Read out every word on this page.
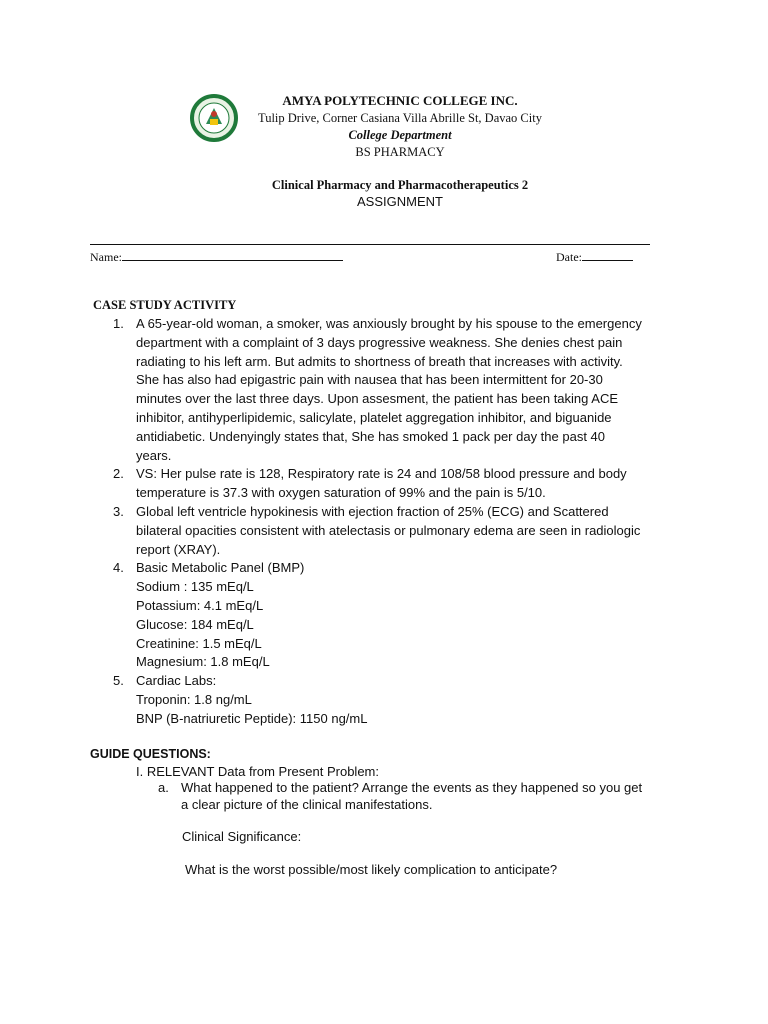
AMYA POLYTECHNIC COLLEGE INC.
Tulip Drive, Corner Casiana Villa Abrille St, Davao City
College Department
BS PHARMACY
Clinical Pharmacy and Pharmacotherapeutics 2
ASSIGNMENT
Name:	Date:
CASE STUDY ACTIVITY
1. A 65-year-old woman, a smoker, was anxiously brought by his spouse to the emergency
department with a complaint of 3 days progressive weakness. She denies chest pain
radiating to his left arm. But admits to shortness of breath that increases with activity.
She has also had epigastric pain with nausea that has been intermittent for 20-30
minutes over the last three days. Upon assesment, the patient has been taking ACE
inhibitor, antihyperlipidemic, salicylate, platelet aggregation inhibitor, and biguanide
antidiabetic. Undenyingly states that, She has smoked 1 pack per day the past 40
years.
2. VS: Her pulse rate is 128, Respiratory rate is 24 and 108/58 blood pressure and body
temperature is 37.3 with oxygen saturation of 99% and the pain is 5/10.
3. Global left ventricle hypokinesis with ejection fraction of 25% (ECG) and Scattered
bilateral opacities consistent with atelectasis or pulmonary edema are seen in radiologic
report (XRAY).
4. Basic Metabolic Panel (BMP)
Sodium : 135 mEq/L
Potassium: 4.1 mEq/L
Glucose: 184 mEq/L
Creatinine: 1.5 mEq/L
Magnesium: 1.8 mEq/L
5. Cardiac Labs:
Troponin: 1.8 ng/mL
BNP (B-natriuretic Peptide): 1150 ng/mL
GUIDE QUESTIONS:
I. RELEVANT Data from Present Problem:
a. What happened to the patient? Arrange the events as they happened so you get
a clear picture of the clinical manifestations.
Clinical Significance:
What is the worst possible/most likely complication to anticipate?
